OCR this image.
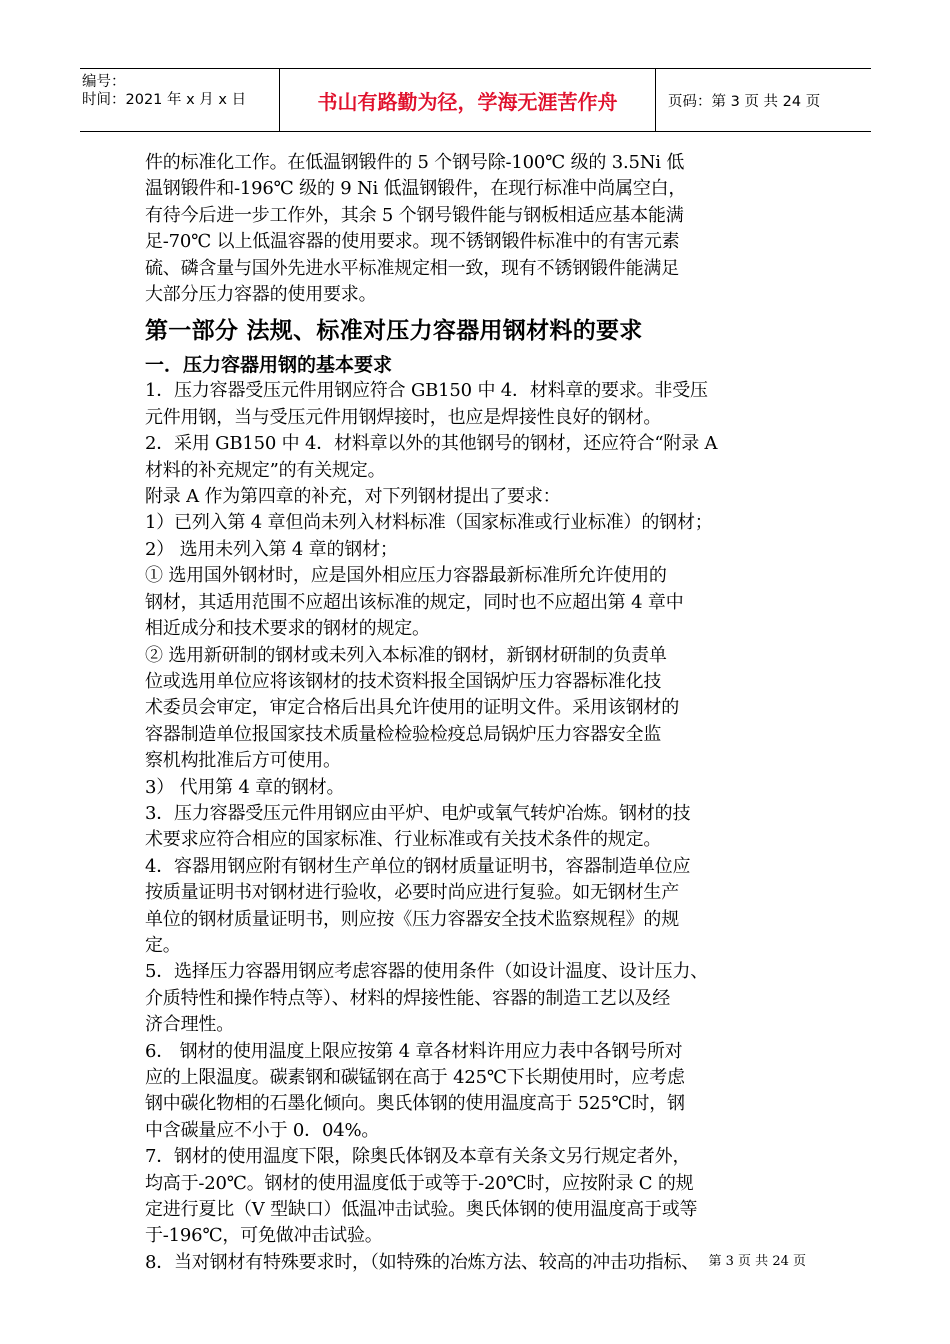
编号：
时间：2021 年 x 月 x 日	书山有路勤为径，学海无涯苦作舟	页码：第 3 页 共 24 页
件的标准化工作。在低温钢锻件的 5 个钢号除-100℃ 级的 3.5Ni 低
温钢锻件和-196℃ 级的 9 Ni 低温钢锻件，在现行标准中尚属空白，
有待今后进一步工作外，其余 5 个钢号锻件能与钢板相适应基本能满
足-70℃ 以上低温容器的使用要求。现不锈钢锻件标准中的有害元素
硫、磷含量与国外先进水平标准规定相一致，现有不锈钢锻件能满足
大部分压力容器的使用要求。
第一部分 法规、标准对压力容器用钢材料的要求
一．压力容器用钢的基本要求
1．压力容器受压元件用钢应符合 GB150 中 4．材料章的要求。非受压
元件用钢，当与受压元件用钢焊接时，也应是焊接性良好的钢材。
2．采用 GB150 中 4．材料章以外的其他钢号的钢材，还应符合“附录 A
材料的补充规定”的有关规定。
附录 A 作为第四章的补充，对下列钢材提出了要求：
1）已列入第 4 章但尚未列入材料标准（国家标准或行业标准）的钢材；
2） 选用未列入第 4 章的钢材；
① 选用国外钢材时，应是国外相应压力容器最新标准所允许使用的
钢材，其适用范围不应超出该标准的规定，同时也不应超出第 4 章中
相近成分和技术要求的钢材的规定。
② 选用新研制的钢材或未列入本标准的钢材，新钢材研制的负责单
位或选用单位应将该钢材的技术资料报全国锅炉压力容器标准化技
术委员会审定，审定合格后出具允许使用的证明文件。采用该钢材的
容器制造单位报国家技术质量检检验检疫总局锅炉压力容器安全监
察机构批准后方可使用。
3） 代用第 4 章的钢材。
3．压力容器受压元件用钢应由平炉、电炉或氧气转炉冶炼。钢材的技
术要求应符合相应的国家标准、行业标准或有关技术条件的规定。
4．容器用钢应附有钢材生产单位的钢材质量证明书，容器制造单位应
按质量证明书对钢材进行验收，必要时尚应进行复验。如无钢材生产
单位的钢材质量证明书，则应按《压力容器安全技术监察规程》的规
定。
5．选择压力容器用钢应考虑容器的使用条件（如设计温度、设计压力、
介质特性和操作特点等）、材料的焊接性能、容器的制造工艺以及经
济合理性。
6． 钢材的使用温度上限应按第 4 章各材料许用应力表中各钢号所对
应的上限温度。碳素钢和碳锰钢在高于 425℃下长期使用时，应考虑
钢中碳化物相的石墨化倾向。奥氏体钢的使用温度高于 525℃时，钢
中含碳量应不小于 0．04%。
7．钢材的使用温度下限，除奥氏体钢及本章有关条文另行规定者外，
均高于-20℃。钢材的使用温度低于或等于-20℃时，应按附录 C 的规
定进行夏比（V 型缺口）低温冲击试验。奥氏体钢的使用温度高于或等
于-196℃，可免做冲击试验。
8．当对钢材有特殊要求时，（如特殊的冶炼方法、较高的冲击功指标、 第 3 页 共 24 页
